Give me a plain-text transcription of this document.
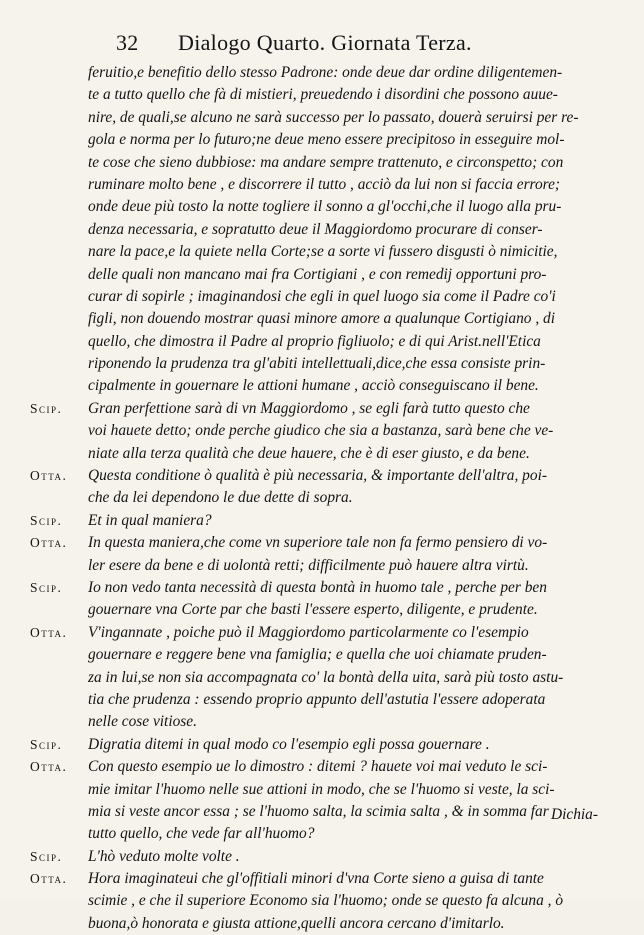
32 Dialogo Quarto. Giornata Terza.
feruitio,e benefitio dello stesso Padrone: onde deue dar ordine diligentemen-
te a tutto quello che fà di mistieri, preuedendo i disordini che possono auue-
nire, de quali,se alcuno ne sarà successo per lo passato, douerà seruirsi per re-
gola e norma per lo futuro;ne deue meno essere precipitoso in esseguire mol-
te cose che sieno dubbiose: ma andare sempre trattenuto, e circonspetto; con
ruminare molto bene , e discorrere il tutto , acciò da lui non si faccia errore;
onde deue più tosto la notte togliere il sonno a gl'occhi,che il luogo alla pru-
denza necessaria, e sopratutto deue il Maggiordomo procurare di conser-
nare la pace,e la quiete nella Corte;se a sorte vi fussero disgusti ò nimicitie,
delle quali non mancano mai fra Cortigiani , e con remedij opportuni pro-
curar di sopirle ; imaginandosi che egli in quel luogo sia come il Padre co'i
figli, non douendo mostrar quasi minore amore a qualunque Cortigiano , di
quello, che dimostra il Padre al proprio figliuolo; e di qui Arist.nell'Etica
riponendo la prudenza tra gl'abiti intellettuali,dice,che essa consiste prin-
cipalmente in gouernare le attioni humane , acciò conseguiscano il bene.
Scip. Gran perfettione sarà di vn Maggiordomo , se egli farà tutto questo che
voi hauete detto; onde perche giudico che sia a bastanza, sarà bene che ve-
niate alla terza qualità che deue hauere, che è di eser giusto, e da bene.
Otta. Questa conditione ò qualità è più necessaria, & importante dell'altra, poi-
che da lei dependono le due dette di sopra.
Scip. Et in qual maniera?
Otta. In questa maniera,che come vn superiore tale non fa fermo pensiero di vo-
ler esere da bene e di uolontà retti; difficilmente può hauere altra virtù.
Scip. Io non vedo tanta necessità di questa bontà in huomo tale , perche per ben
gouernare vna Corte par che basti l'essere esperto, diligente, e prudente.
Otta. V'ingannate , poiche può il Maggiordomo particolarmente co l'esempio
gouernare e reggere bene vna famiglia; e quella che uoi chiamate pruden-
za in lui,se non sia accompagnata co' la bontà della uita, sarà più tosto astu-
tia che prudenza : essendo proprio appunto dell'astutia l'essere adoperata
nelle cose vitiose.
Scip. Digratia ditemi in qual modo co l'esempio egli possa gouernare .
Otta. Con questo esempio ue lo dimostro : ditemi ? hauete voi mai veduto le sci-
mie imitar l'huomo nelle sue attioni in modo, che se l'huomo si veste, la sci-
mia si veste ancor essa ; se l'huomo salta, la scimia salta , & in somma far
tutto quello, che vede far all'huomo?
Scip. L'hò veduto molte volte .
Otta. Hora imaginateui che gl'offitiali minori d'vna Corte sieno a guisa di tante
scimie , e che il superiore Economo sia l'huomo; onde se questo fa alcuna , ò
buona,ò honorata e giusta attione,quelli ancora cercano d'imitarlo.
Dichia-
